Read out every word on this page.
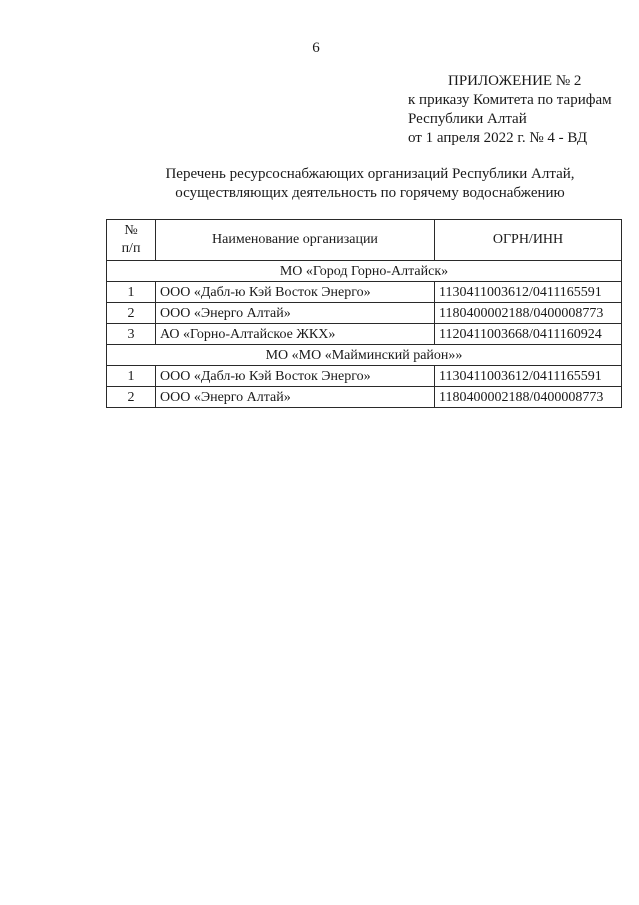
6
ПРИЛОЖЕНИЕ № 2
к приказу Комитета по тарифам
Республики Алтай
от 1 апреля 2022 г. № 4 - ВД
Перечень ресурсоснабжающих организаций Республики Алтай,
осуществляющих деятельность по горячему водоснабжению
№
п/п	Наименование организации	ОГРН/ИНН
МО «Город Горно-Алтайск»		
1	ООО «Дабл-ю Кэй Восток Энерго»	1130411003612/0411165591
2	ООО «Энерго Алтай»	1180400002188/0400008773
3	АО «Горно-Алтайское ЖКХ»	1120411003668/0411160924
МО «МО «Майминский район»»		
1	ООО «Дабл-ю Кэй Восток Энерго»	1130411003612/0411165591
2	ООО «Энерго Алтай»	1180400002188/0400008773
